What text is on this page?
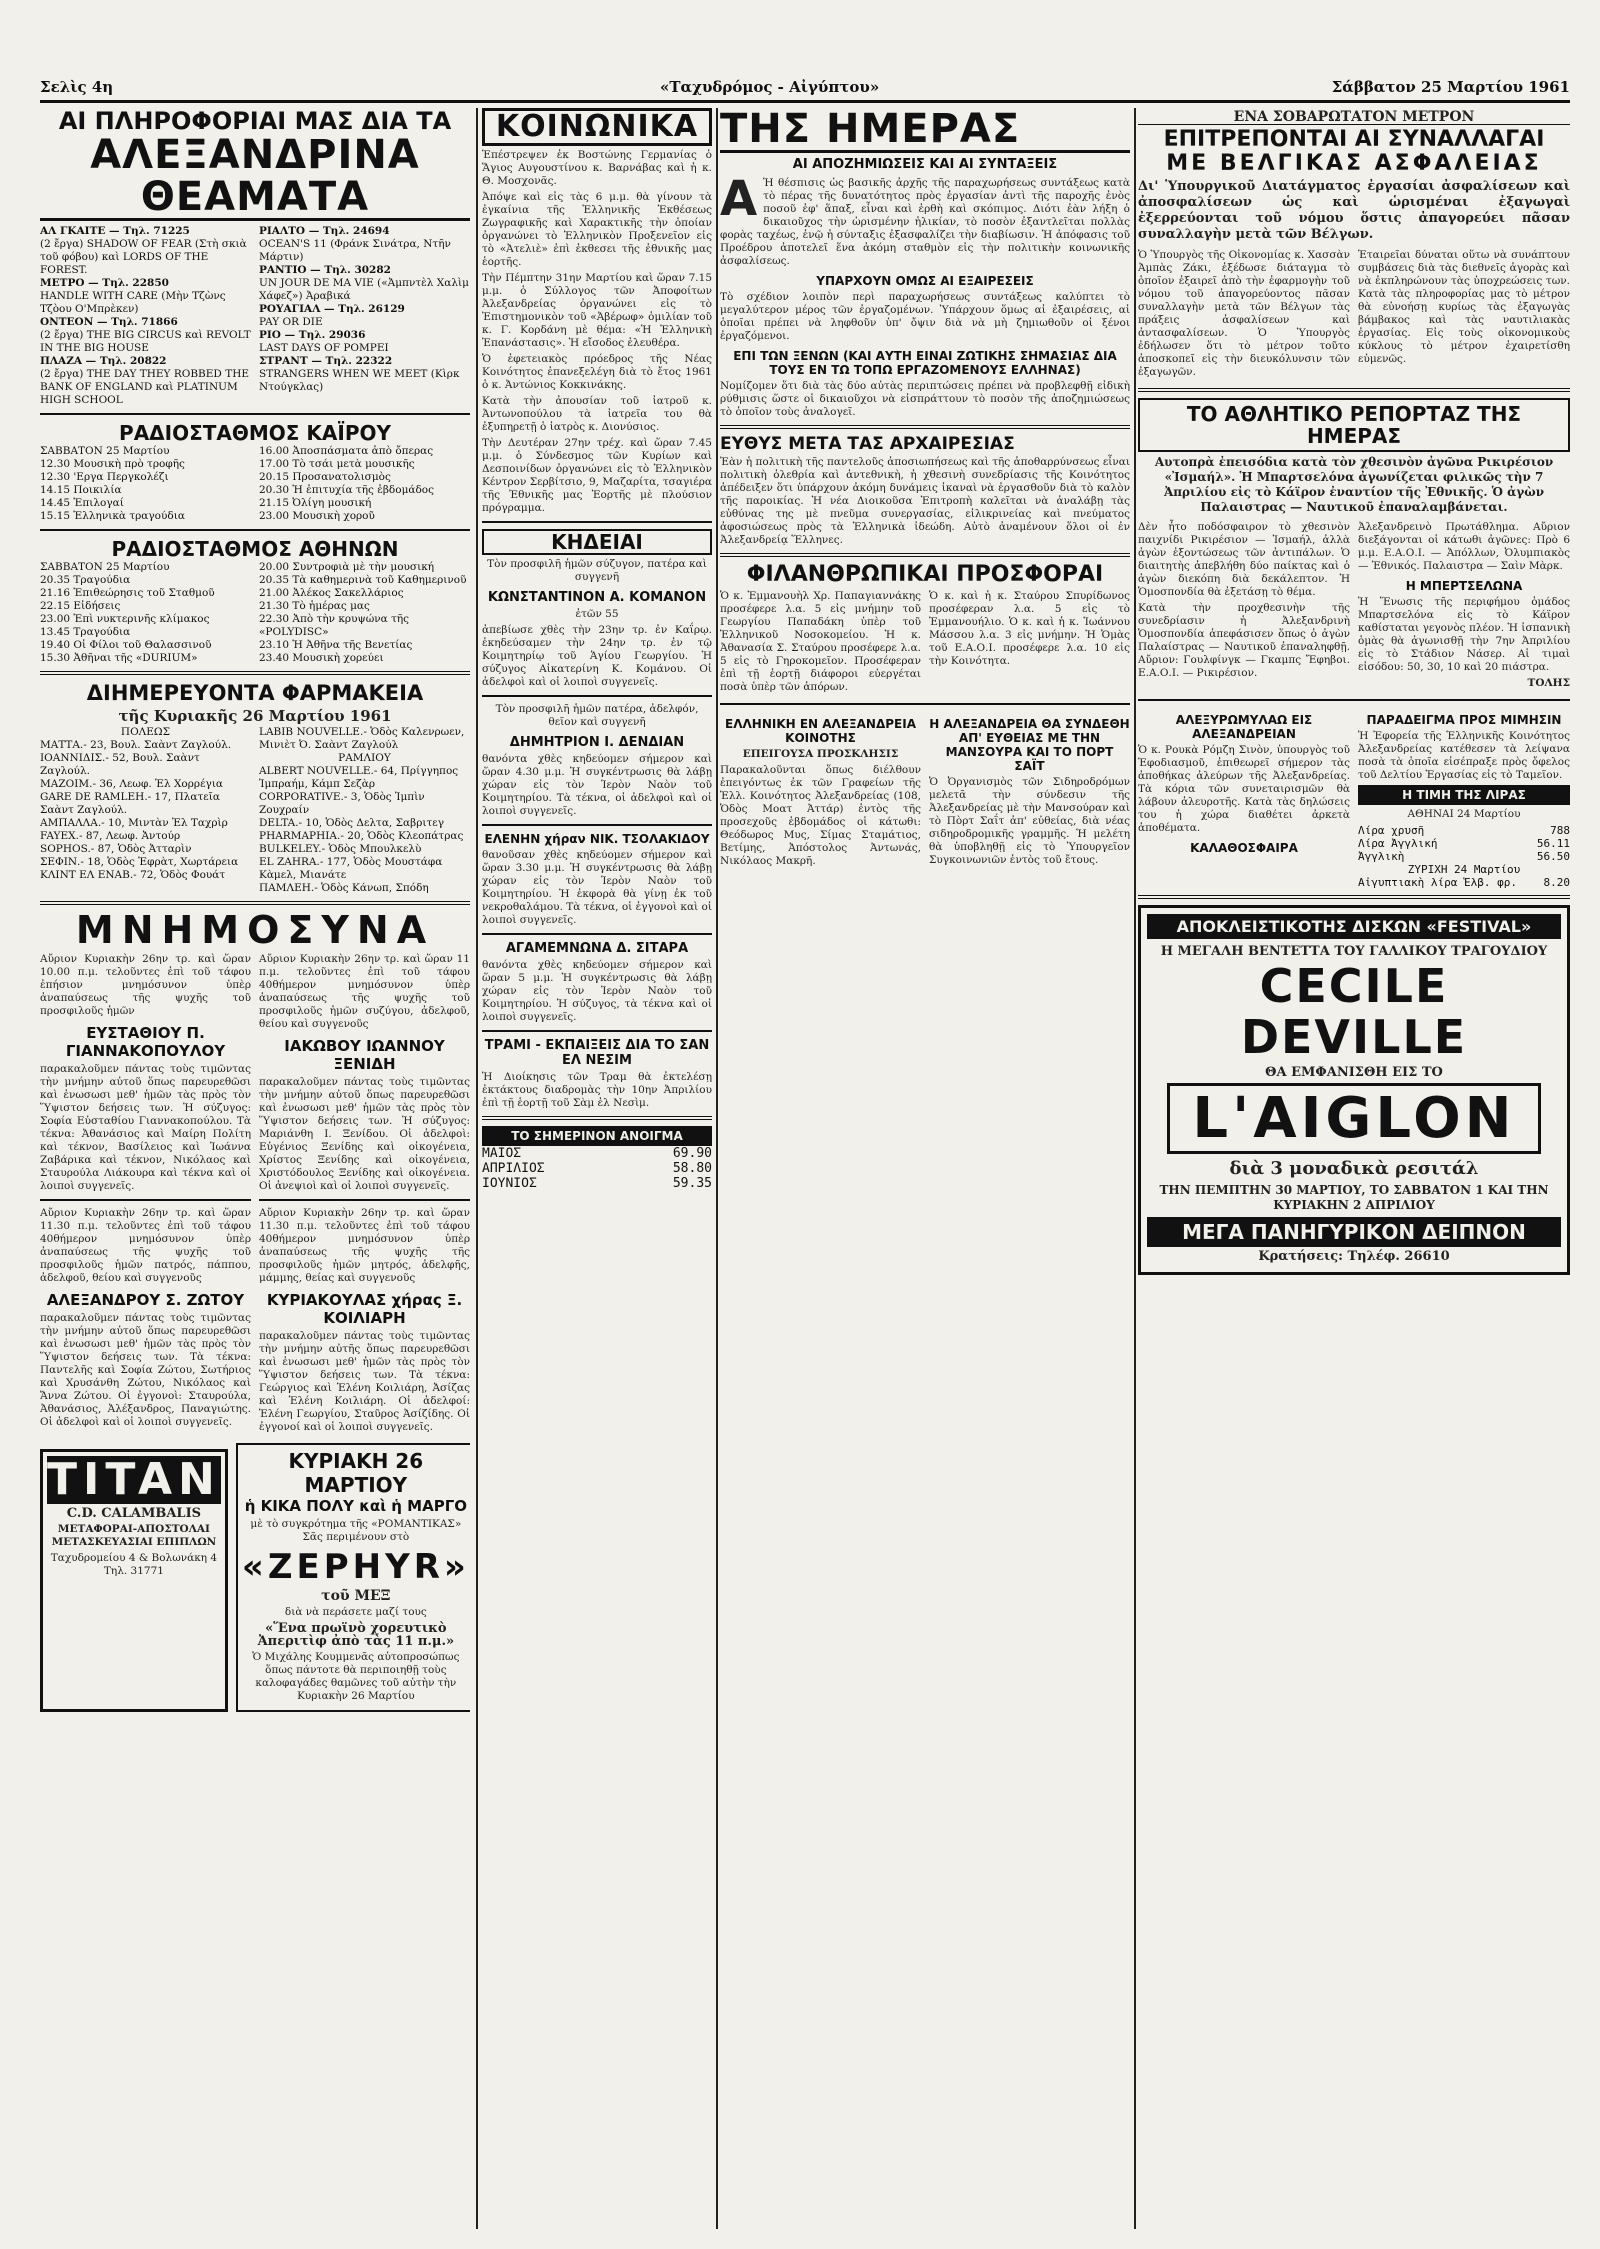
Σελὶς 4η	«Ταχυδρόμος - Αἰγύπτου»	Σάββατον 25 Μαρτίου 1961
ΑΙ ΠΛΗΡΟΦΟΡΙΑΙ ΜΑΣ ΔΙΑ ΤΑ
ΑΛΕΞΑΝΔΡΙΝΑ ΘΕΑΜΑΤΑ
ΑΛ ΓΚΑΙΤΕ — Τηλ. 71225
(2 ἔργα) SHADOW OF FEAR (Στὴ σκιὰ τοῦ φόβου) καὶ LORDS OF THE FOREST.
ΜΕΤΡΟ — Τηλ. 22850
HANDLE WITH CARE (Μὴν Τζὼνς Τζὸου Ο'Μπρὲκεν)
ΟΝΤΕΟΝ — Τηλ. 71866
(2 ἔργα) THE BIG CIRCUS καὶ REVOLT IN THE BIG HOUSE
ΠΛΑΖΑ — Τηλ. 20822
(2 ἔργα) THE DAY THEY ROBBED THE BANK OF ENGLAND καὶ PLATINUM HIGH SCHOOL
ΡΙΑΛΤΟ — Τηλ. 24694
OCEAN'S 11 (Φράνκ Σινάτρα, Ντῆν Μάρτιν)
ΡΑΝΤΙΟ — Τηλ. 30282
UN JOUR DE MA VIE («Ἀμπντὲλ Χαλὶμ Χάφεζ») Ἀραβικά
ΡΟΥΑΓΙΑΛ — Τηλ. 26129
PAY OR DIE
ΡΙΟ — Τηλ. 29036
LAST DAYS OF POMPEI
ΣΤΡΑΝΤ — Τηλ. 22322
STRANGERS WHEN WE MEET (Κὶρκ Ντούγκλας)
ΡΑΔΙΟΣΤΑΘΜΟΣ ΚΑΪΡΟΥ
ΣΑΒΒΑΤΟΝ 25 Μαρτίου
12.30 Μουσικὴ πρὸ τροφῆς
12.30 'Εργα Περγκολέζι
14.15 Ποικιλία
14.45 Ἐπιλογαί
15.15 Ἑλληνικὰ τραγούδια
16.00 Ἀποσπάσματα ἀπὸ ὄπερας
17.00 Τὸ τσάι μετὰ μουσικῆς
20.15 Προσανατολισμὸς
20.30 Ἡ ἐπιτυχία τῆς ἑβδομάδος
21.15 Ὀλίγη μουσική
23.00 Μουσικὴ χοροῦ
ΡΑΔΙΟΣΤΑΘΜΟΣ ΑΘΗΝΩΝ
ΣΑΒΒΑΤΟΝ 25 Μαρτίου
20.35 Τραγούδια
21.16 Ἐπιθεώρησις τοῦ Σταθμοῦ
22.15 Εἰδήσεις
23.00 Ἐπὶ νυκτερινῆς κλίμακος
13.45 Τραγούδια
19.40 Οἱ Φίλοι τοῦ Θαλασσινοῦ
15.30 Ἀθῆναι τῆς «DURIUM»
20.00 Συντροφιὰ μὲ τὴν μουσική
20.35 Τὰ καθημερινὰ τοῦ Καθημερινοῦ
21.00 Ἀλέκος Σακελλάριος
21.30 Τὸ ἡμέρας μας
22.30 Ἀπὸ τὴν κρυψώνα τῆς «POLYDISC»
23.10 Ἡ Ἀθῆνα τῆς Βενετίας
23.40 Μουσικὴ χορεύει
ΔΙΗΜΕΡΕΥΟΝΤΑ ΦΑΡΜΑΚΕΙΑ
τῆς Κυριακῆς 26 Μαρτίου 1961
ΠΟΛΕΩΣ
ΜΑΤΤΑ.- 23, Βουλ. Σαὰντ Ζαγλούλ.
ΙΟΑΝΝΙΔΙΣ.- 52, Βουλ. Σαὰντ Ζαγλούλ.
ΜΑΖΟΙΜ.- 36, Λεωφ. Ἐλ Χορρέγια
GARE DE RAMLEH.- 17, Πλατεῖα Σαὰντ Ζαγλούλ.
ΑΜΠΑΛΛΑ.- 10, Μιντὰν Ἐλ Ταχρὶρ
FAYEX.- 87, Λεωφ. Ἀντούρ
SOPHOS.- 87, Ὁδὸς Ἀτταρὶν
ΣΕΦΙΝ.- 18, Ὁδὸς Ἐφρὰτ, Χωρτάρεια
ΚΛΙΝΤ ΕΛ ΕΝΑΒ.- 72, Ὁδὸς Φουάτ
LABIB NOUVELLE.- Ὁδὸς Καλενρωεν, Μινιὲτ Ὀ. Σαὰντ Ζαγλούλ
ΡΑΜΛΙΟΥ
ALBERT NOUVELLE.- 64, Πρίγγηπος Ἰμπραήμ, Κάμπ Σεζὰρ
CORPORATIVE.- 3, Ὁδὸς Ἰμπὶν Ζουχραίν
DELTA.- 10, Ὁδὸς Δελτα, Σαβριτεγ
PHARMAPHIA.- 20, Ὁδὸς Κλεοπάτρας
BULKELEY.- Ὁδὸς Μπουλκελὺ
EL ZAHRA.- 177, Ὁδὸς Μουστάφα Κὰμελ, Μιανάτε
ΠΑΜΛΕΗ.- Ὁδὸς Κάνωπ, Σπόδη
ΜΝΗΜΟΣΥΝΑ
Αὔριον Κυριακὴν 26ην τρ. καὶ ὥραν 10.00 π.μ. τελοῦντες ἐπὶ τοῦ τάφου ἐπήσιον μνημόσυνον ὑπὲρ ἀναπαύσεως τῆς ψυχῆς τοῦ προσφιλοῦς ἡμῶν
ΕΥΣΤΑΘΙΟΥ Π. ΓΙΑΝΝΑΚΟΠΟΥΛΟΥ
παρακαλοῦμεν πάντας τοὺς τιμῶντας τὴν μνήμην αὐτοῦ ὅπως παρευρεθῶσι καὶ ἐνωσωσι μεθ' ἡμῶν τὰς πρὸς τὸν Ὕψιστον δεήσεις των. Ἡ σύζυγος: Σοφία Εὐσταθίου Γιαννακοπούλου. Τὰ τέκνα: Ἀθανάσιος καὶ Μαίρη Πολίτη καὶ τέκνον, Βασίλειος καὶ Ἰωάννα Ζαβάρικα καὶ τέκνον, Νικόλαος καὶ Σταυρούλα Λιάκουρα καὶ τέκνα καὶ οἱ λοιποὶ συγγενεῖς.
Αὔριον Κυριακὴν 26ην τρ. καὶ ὥραν 11.30 π.μ. τελοῦντες ἐπὶ τοῦ τάφου 40θήμερον μνημόσυνον ὑπὲρ ἀναπαύσεως τῆς ψυχῆς τοῦ προσφιλοῦς ἡμῶν πατρός, πάππου, ἀδελφοῦ, θείου καὶ συγγενοῦς
ΑΛΕΞΑΝΔΡΟΥ Σ. ΖΩΤΟΥ
παρακαλοῦμεν πάντας τοὺς τιμῶντας τὴν μνήμην αὐτοῦ ὅπως παρευρεθῶσι καὶ ἐνωσωσι μεθ' ἡμῶν τὰς πρὸς τὸν Ὕψιστον δεήσεις των. Τὰ τέκνα: Παντελῆς καὶ Σοφία Ζώτου, Σωτήριος καὶ Χρυσάνθη Ζώτου, Νικόλαος καὶ Ἄννα Ζώτου. Οἱ ἐγγονοὶ: Σταυρούλα, Ἀθανάσιος, Ἀλέξανδρος, Παναγιώτης. Οἱ ἀδελφοὶ καὶ οἱ λοιποὶ συγγενεῖς.
Αὔριον Κυριακὴν 26ην τρ. καὶ ὥραν 11 π.μ. τελοῦντες ἐπὶ τοῦ τάφου 40θήμερον μνημόσυνον ὑπὲρ ἀναπαύσεως τῆς ψυχῆς τοῦ προσφιλοῦς ἡμῶν συζύγου, ἀδελφοῦ, θείου καὶ συγγενοῦς
ΙΑΚΩΒΟΥ ΙΩΑΝΝΟΥ ΞΕΝΙΔΗ
παρακαλοῦμεν πάντας τοὺς τιμῶντας τὴν μνήμην αὐτοῦ ὅπως παρευρεθῶσι καὶ ἐνωσωσι μεθ' ἡμῶν τὰς πρὸς τὸν Ὕψιστον δεήσεις των. Ἡ σύζυγος: Μαριάνθη Ι. Ξενίδου. Οἱ ἀδελφοὶ: Εὐγένιος Ξενίδης καὶ οἰκογένεια, Χρίστος Ξενίδης καὶ οἰκογένεια, Χριστόδουλος Ξενίδης καὶ οἰκογένεια. Οἱ ἀνεψιοὶ καὶ οἱ λοιποὶ συγγενεῖς.
Αὔριον Κυριακὴν 26ην τρ. καὶ ὥραν 11.30 π.μ. τελοῦντες ἐπὶ τοῦ τάφου 40θήμερον μνημόσυνον ὑπὲρ ἀναπαύσεως τῆς ψυχῆς τῆς προσφιλοῦς ἡμῶν μητρός, ἀδελφῆς, μάμμης, θείας καὶ συγγενοῦς
ΚΥΡΙΑΚΟΥΛΑΣ χήρας Ξ. ΚΟΙΛΙΑΡΗ
παρακαλοῦμεν πάντας τοὺς τιμῶντας τὴν μνήμην αὐτῆς ὅπως παρευρεθῶσι καὶ ἐνωσωσι μεθ' ἡμῶν τὰς πρὸς τὸν Ὕψιστον δεήσεις των. Τὰ τέκνα: Γεώργιος καὶ Ἑλένη Κοιλιάρη, Ἀσίζας καὶ Ἑλένη Κοιλιάρη. Οἱ ἀδελφοί: Ἑλένη Γεωργίου, Σταῦρος Ἀσίζίδης. Οἱ ἐγγονοί καὶ οἱ λοιποὶ συγγενεῖς.
TITAN
C.D. CALAMBALIS
ΜΕΤΑΦΟΡΑΙ-ΑΠΟΣΤΟΛΑΙ ΜΕΤΑΣΚΕΥΑΣΙΑΙ ΕΠΙΠΛΩΝ
Ταχυδρομείου 4 & Βολωνάκη 4 Τηλ. 31771
ΚΥΡΙΑΚΗ 26 ΜΑΡΤΙΟΥ
ἡ ΚΙΚΑ ΠΟΛΥ καὶ ἡ ΜΑΡΓΟ
μὲ τὸ συγκρότημα τῆς «ΡΟΜΑΝΤΙΚΑΣ» Σᾶς περιμένουν στὸ
«ΖΕΡΗΥR»
τοῦ ΜΕΞ
διὰ νὰ περάσετε μαζί τους
«Ἕνα πρωϊνὸ χορευτικὸ Ἀπεριτὶφ ἀπὸ τὰς 11 π.μ.»
Ὁ Μιχάλης Κουμμενᾶς αὐτοπροσώπως ὅπως πάντοτε θὰ περιποιηθῇ τοὺς καλοφαγάδες θαμῶνες τοῦ αὐτὴν τὴν Κυριακὴν 26 Μαρτίου
ΚΟΙΝΩΝΙΚΑ
Ἐπέστρεψεν ἐκ Βοστώνης Γερμανίας ὁ Ἅγιος Αυγουστίνου κ. Βαρνάβας καὶ ἡ κ. Θ. Μοσχονᾶς.
Ἀπόψε καὶ εἰς τὰς 6 μ.μ. θὰ γίνουν τὰ ἐγκαίνια τῆς Ἑλληνικῆς Ἐκθέσεως Ζωγραφικῆς καὶ Χαρακτικῆς τὴν ὁποίαν ὀργανώνει τὸ Ἑλληνικὸν Προξενεῖον εἰς τὸ «Ἀτελιὲ» ἐπὶ ἐκθεσει τῆς ἐθνικῆς μας ἑορτῆς.
Τὴν Πέμπτην 31ην Μαρτίου καὶ ὥραν 7.15 μ.μ. ὁ Σύλλογος τῶν Ἀποφοίτων Ἀλεξανδρείας ὀργανώνει εἰς τὸ Ἐπιστημονικὸν τοῦ «Ἀβέρωφ» ὁμιλίαν τοῦ κ. Γ. Κορδάνη μὲ θέμα: «Ἡ Ἑλληνικὴ Ἐπανάστασις». Ἡ εἴσοδος ἐλευθέρα.
Ὁ ἐφετειακὸς πρόεδρος τῆς Νέας Κοινότητος ἐπανεξελέγη διὰ τὸ ἔτος 1961 ὁ κ. Ἀντώνιος Κοκκινάκης.
Κατὰ τὴν ἀπουσίαν τοῦ ἰατροῦ κ. Ἀντωνοπούλου τὰ ἰατρεῖα του θὰ ἐξυπηρετῇ ὁ ἰατρὸς κ. Διονύσιος.
Τὴν Δευτέραν 27ην τρέχ. καὶ ὥραν 7.45 μ.μ. ὁ Σύνδεσμος τῶν Κυρίων καὶ Δεσποινίδων ὀργανώνει εἰς τὸ Ἑλληνικὸν Κέντρον Σερβίτσιο, 9, Μαζαρίτα, τσαγιέρα τῆς Ἐθνικῆς μας Ἑορτῆς μὲ πλούσιον πρόγραμμα.
ΚΗΔΕΙΑΙ
Τὸν προσφιλῆ ἡμῶν σύζυγον, πατέρα καὶ συγγενῆ
ΚΩΝΣΤΑΝΤΙΝΟΝ Α. ΚΟΜΑΝΟΝ
ἐτῶν 55
ἀπεβίωσε χθὲς τὴν 23ην τρ. ἐν Καΐρῳ. ἐκηδεύσαμεν τὴν 24ην τρ. ἐν τῷ Κοιμητηρίῳ τοῦ Ἁγίου Γεωργίου. Ἡ σύζυγος Αἰκατερίνη Κ. Κομάνου. Οἱ ἀδελφοὶ καὶ οἱ λοιποὶ συγγενεῖς.
Τὸν προσφιλῆ ἡμῶν πατέρα, ἀδελφόν, θεῖον καὶ συγγενῆ
ΔΗΜΗΤΡΙΟΝ Ι. ΔΕΝΔΙΑΝ
θανόντα χθὲς κηδεύομεν σήμερον καὶ ὥραν 4.30 μ.μ. Ἡ συγκέντρωσις θὰ λάβῃ χώραν εἰς τὸν Ἱερὸν Ναὸν τοῦ Κοιμητηρίου. Τὰ τέκνα, οἱ ἀδελφοὶ καὶ οἱ λοιποὶ συγγενεῖς.
ΕΛΕΝΗΝ χήραν ΝΙΚ. ΤΣΟΛΑΚΙΔΟΥ
θανοῦσαν χθὲς κηδεύομεν σήμερον καὶ ὥραν 3.30 μ.μ. Ἡ συγκέντρωσις θὰ λάβῃ χώραν εἰς τὸν Ἱερὸν Ναὸν τοῦ Κοιμητηρίου. Ἡ ἐκφορὰ θὰ γίνῃ ἐκ τοῦ νεκροθαλάμου. Τὰ τέκνα, οἱ ἐγγονοὶ καὶ οἱ λοιποὶ συγγενεῖς.
ΑΓΑΜΕΜΝΩΝΑ Δ. ΣΙΤΑΡΑ
θανόντα χθὲς κηδεύομεν σήμερον καὶ ὥραν 5 μ.μ. Ἡ συγκέντρωσις θὰ λάβῃ χώραν εἰς τὸν Ἱερὸν Ναὸν τοῦ Κοιμητηρίου. Ἡ σύζυγος, τὰ τέκνα καὶ οἱ λοιποὶ συγγενεῖς.
ΤΡΑΜΙ - ΕΚΠΑΙΞΕΙΣ ΔΙΑ ΤΟ ΣΑΝ ΕΛ ΝΕΣΙΜ
Ἡ Διοίκησις τῶν Τραμ θὰ ἐκτελέσῃ ἐκτάκτους διαδρομὰς τὴν 10ην Ἀπριλίου ἐπὶ τῇ ἑορτῇ τοῦ Σὰμ ἐλ Νεσὶμ.
ΤΟ ΣΗΜΕΡΙΝΟΝ ΑΝΟΙΓΜΑ
ΜΑΪΟΣ	69.90
ΑΠΡΙΛΙΟΣ	58.80
ΙΟΥΝΙΟΣ	59.35
ΤΗΣ ΗΜΕΡΑΣ
ΑΙ ΑΠΟΖΗΜΙΩΣΕΙΣ ΚΑΙ ΑΙ ΣΥΝΤΑΞΕΙΣ
Α Ἡ θέσπισις ὡς βασικῆς ἀρχῆς τῆς παραχωρήσεως συντάξεως κατὰ τὸ πέρας τῆς δυνατότητος πρὸς ἐργασίαν ἀντὶ τῆς παροχῆς ἐνὸς ποσοῦ ἐφ' ἅπαξ, εἶναι καὶ ἐρθὴ καὶ σκόπιμος. Διότι ἐὰν λήξη ὁ δικαιοῦχος τὴν ὡρισμένην ἡλικίαν, τὸ ποσὸν ἐξαντλεῖται πολλὰς φορὰς ταχέως, ἐνῷ ἡ σύνταξις ἐξασφαλίζει τὴν διαβίωσιν. Ἡ ἀπόφασις τοῦ Προέδρου ἀποτελεῖ ἕνα ἀκόμη σταθμὸν εἰς τὴν πολιτικὴν κοινωνικῆς ἀσφαλίσεως.
ΥΠΑΡΧΟΥΝ ΟΜΩΣ ΑΙ ΕΞΑΙΡΕΣΕΙΣ
Τὸ σχέδιον λοιπὸν περὶ παραχωρήσεως συντάξεως καλύπτει τὸ μεγαλύτερον μέρος τῶν ἐργαζομένων. Ὑπάρχουν ὅμως αἱ ἐξαιρέσεις, αἱ ὁποῖαι πρέπει νὰ ληφθοῦν ὑπ' ὄψιν διὰ νὰ μὴ ζημιωθοῦν οἱ ξένοι ἐργαζόμενοι.
ΕΠΙ ΤΩΝ ΞΕΝΩΝ (ΚΑΙ ΑΥΤΗ ΕΙΝΑΙ ΖΩΤΙΚΗΣ ΣΗΜΑΣΙΑΣ ΔΙΑ ΤΟΥΣ ΕΝ ΤΩ ΤΟΠΩ ΕΡΓΑΖΟΜΕΝΟΥΣ ΕΛΛΗΝΑΣ)
Νομίζομεν ὅτι διὰ τὰς δύο αὐτὰς περιπτώσεις πρέπει νὰ προβλεφθῇ εἰδικὴ ρύθμισις ὥστε οἱ δικαιοῦχοι νὰ εἰσπράττουν τὸ ποσὸν τῆς ἀποζημιώσεως τὸ ὁποῖον τοὺς ἀναλογεῖ.
ΕΥΘΥΣ ΜΕΤΑ ΤΑΣ ΑΡΧΑΙΡΕΣΙΑΣ
Ἐὰν ἡ πολιτικὴ τῆς παντελοῦς ἀποσιωπήσεως καὶ τῆς ἀποθαρρύνσεως εἶναι πολιτικὴ ὀλεθρία καὶ ἀντεθνικὴ, ἡ χθεσινὴ συνεδρίασις τῆς Κοινότητος ἀπέδειξεν ὅτι ὑπάρχουν ἀκόμη δυνάμεις ἱκαναὶ νὰ ἐργασθοῦν διὰ τὸ καλὸν τῆς παροικίας. Ἡ νέα Διοικοῦσα Ἐπιτροπὴ καλεῖται νὰ ἀναλάβῃ τὰς εὐθύνας της μὲ πνεῦμα συνεργασίας, εἰλικρινείας καὶ πνεύματος ἀφοσιώσεως πρὸς τὰ Ἑλληνικὰ ἰδεώδη. Αὐτὸ ἀναμένουν ὅλοι οἱ ἐν Ἀλεξανδρείᾳ Ἕλληνες.
ΦΙΛΑΝΘΡΩΠΙΚΑΙ ΠΡΟΣΦΟΡΑΙ
Ὁ κ. Ἐμμανουὴλ Χρ. Παπαγιαννάκης προσέφερε λ.α. 5 εἰς μνήμην τοῦ Γεωργίου Παπαδάκη ὑπὲρ τοῦ Ἑλληνικοῦ Νοσοκομείου. Ἡ κ. Ἀθανασία Σ. Σταύρου προσέφερε λ.α. 5 εἰς τὸ Γηροκομεῖον. Προσέφεραν ἐπὶ τῇ ἑορτῇ διάφοροι εὐεργέται ποσὰ ὑπὲρ τῶν ἀπόρων.
Ὁ κ. καὶ ἡ κ. Σταύρου Σπυρίδωνος προσέφεραν λ.α. 5 εἰς τὸ Ἐμμανουήλιο. Ὁ κ. καὶ ἡ κ. Ἰωάννου Μάσσου λ.α. 3 εἰς μνήμην. Ἡ Ὁμὰς τοῦ Ε.Α.Ο.Ι. προσέφερε λ.α. 10 εἰς τὴν Κοινότητα.
ΕΛΛΗΝΙΚΗ ΕΝ ΑΛΕΞΑΝΔΡΕΙΑ ΚΟΙΝΟΤΗΣ
ΕΠΕΙΓΟΥΣΑ ΠΡΟΣΚΛΗΣΙΣ
Παρακαλοῦνται ὅπως διέλθουν ἐπειγόντως ἐκ τῶν Γραφείων τῆς Ἑλλ. Κοινότητος Ἀλεξανδρείας (108, Ὁδὸς Μοατ Ἀττάρ) ἐντὸς τῆς προσεχοῦς ἑβδομάδος οἱ κάτωθι: Θεόδωρος Μυς, Σίμας Σταμάτιος, Βετίμης, Ἀπόστολος Ἀντωνάς, Νικόλαος Μακρῆ.
Η ΑΛΕΞΑΝΔΡΕΙΑ ΘΑ ΣΥΝΔΕΘΗ ΑΠ' ΕΥΘΕΙΑΣ ΜΕ ΤΗΝ ΜΑΝΣΟΥΡΑ ΚΑΙ ΤΟ ΠΟΡΤ ΣΑΪΤ
Ὁ Ὀργανισμὸς τῶν Σιδηροδρόμων μελετᾶ τὴν σύνδεσιν τῆς Ἀλεξανδρείας μὲ τὴν Μανσούραν καὶ τὸ Πὸρτ Σαΐτ ἀπ' εὐθείας, διὰ νέας σιδηροδρομικῆς γραμμῆς. Ἡ μελέτη θὰ ὑποβληθῇ εἰς τὸ Ὑπουργεῖον Συγκοινωνιῶν ἐντὸς τοῦ ἔτους.
ΕΝΑ ΣΟΒΑΡΩΤΑΤΟΝ ΜΕΤΡΟΝ
ΕΠΙΤΡΕΠΟΝΤΑΙ ΑΙ ΣΥΝΑΛΛΑΓΑΙ
ΜΕ ΒΕΛΓΙΚΑΣ ΑΣΦΑΛΕΙΑΣ
Δι' Ὑπουργικοῦ Διατάγματος ἐργασίαι ἀσφαλίσεων καὶ ἀποσφαλίσεων ὡς καὶ ὡρισμέναι ἐξαγωγαὶ ἐξερρεύονται τοῦ νόμου ὅστις ἀπαγορεύει πᾶσαν συναλλαγὴν μετὰ τῶν Βέλγων.
Ὁ Ὑπουργὸς τῆς Οἰκονομίας κ. Χασσὰν Ἀμπὰς Ζάκι, ἐξέδωσε διάταγμα τὸ ὁποῖον ἐξαιρεῖ ἀπὸ τὴν ἐφαρμογὴν τοῦ νόμου τοῦ ἀπαγορεύοντος πᾶσαν συναλλαγὴν μετὰ τῶν Βέλγων τὰς πράξεις ἀσφαλίσεων καὶ ἀντασφαλίσεων. Ὁ Ὑπουργὸς ἐδήλωσεν ὅτι τὸ μέτρον τοῦτο ἀποσκοπεῖ εἰς τὴν διευκόλυνσιν τῶν ἐξαγωγῶν.
Ἑταιρεῖαι δύναται οὕτω νὰ συνάπτουν συμβάσεις διὰ τὰς διεθνεῖς ἀγορὰς καὶ νὰ ἐκπληρώνουν τὰς ὑποχρεώσεις των. Κατὰ τὰς πληροφορίας μας τὸ μέτρον θὰ εὐνοήσῃ κυρίως τὰς ἐξαγωγὰς βάμβακος καὶ τὰς ναυτιλιακὰς ἐργασίας. Εἰς τοὺς οἰκονομικοὺς κύκλους τὸ μέτρον ἐχαιρετίσθη εὐμενῶς.
ΤΟ ΑΘΛΗΤΙΚΟ ΡΕΠΟΡΤΑΖ ΤΗΣ ΗΜΕΡΑΣ
Αυτοπρὰ ἐπεισόδια κατὰ τὸν χθεσινὸν ἀγῶνα Ρικιρέσιον «Ἰσμαήλ». Ἡ Μπαρτσελόνα ἀγωνίζεται φιλικῶς τὴν 7 Ἀπριλίου εἰς τὸ Κάϊρον ἐναντίον τῆς Ἐθνικῆς. Ὁ ἀγὼν Παλαιστρας — Ναυτικοῦ ἐπαναλαμβάνεται.
Δὲν ἦτο ποδόσφαιρον τὸ χθεσινὸν παιχνίδι Ρικιρέσιον — Ἰσμαήλ, ἀλλὰ ἀγὼν ἐξοντώσεως τῶν ἀντιπάλων. Ὁ διαιτητὴς ἀπεβλήθη δύο παίκτας καὶ ὁ ἀγὼν διεκόπη διὰ δεκάλεπτον. Ἡ Ὁμοσπονδία θὰ ἐξετάσῃ τὸ θέμα.
Κατὰ τὴν προχθεσινὴν τῆς συνεδρίασιν ἡ Ἀλεξανδρινὴ Ὁμοσπονδία ἀπεφάσισεν ὅπως ὁ ἀγὼν Παλαίστρας — Ναυτικοῦ ἐπαναληφθῇ. Αὔριον: Γουλφίνγκ — Γκαμπς Ἔφηβοι. Ε.Α.Ο.Ι. — Ρικιρέσιον.
Ἀλεξανδρεινὸ Πρωτάθλημα. Αὔριον διεξάγονται οἱ κάτωθι ἀγῶνες: Πρὸ 6 μ.μ. Ε.Α.Ο.Ι. — Ἀπόλλων, Ὀλυμπιακὸς — Ἐθνικός. Παλαιστρα — Σαὶν Μὰρκ.
Η ΜΠΕΡΤΣΕΛΩΝΑ
Ἡ Ἕνωσις τῆς περιφήμου ὁμάδος Μπαρτσελόνα εἰς τὸ Κάϊρον καθίσταται γεγονὸς πλέον. Ἡ ἰσπανικὴ ὁμὰς θὰ ἀγωνισθῇ τὴν 7ην Ἀπριλίου εἰς τὸ Στάδιον Νάσερ. Αἱ τιμαὶ εἰσόδου: 50, 30, 10 καὶ 20 πιάστρα.
ΤΟΛΗΣ
ΑΛΕΞΥΡΩΜΥΛΑΩ ΕΙΣ ΑΛΕΞΑΝΔΡΕΙΑΝ
Ὁ κ. Ρουκὰ Ρόμζη Σινὸν, ὑπουργὸς τοῦ Ἐφοδιασμοῦ, ἐπιθεωρεῖ σήμερον τὰς ἀποθήκας ἀλεύρων τῆς Ἀλεξανδρείας. Τὰ κόρια τῶν συνεταιρισμῶν θὰ λάβουν ἀλευροτῆς. Κατὰ τὰς δηλώσεις του ἡ χώρα διαθέτει ἀρκετὰ ἀποθέματα.
ΚΑΛΑΘΟΣΦΑΙΡΑ
ΠΑΡΑΔΕΙΓΜΑ ΠΡΟΣ ΜΙΜΗΣΙΝ
Ἡ Ἐφορεία τῆς Ἑλληνικῆς Κοινότητος Ἀλεξανδρείας κατέθεσεν τὰ λείψανα ποσὰ τὰ ὁποῖα εἰσέπραξε πρὸς ὄφελος τοῦ Δελτίου Ἐργασίας εἰς τὸ Ταμεῖον.
Η ΤΙΜΗ ΤΗΣ ΛΙΡΑΣ
ΑΘΗΝΑΙ 24 Μαρτίου
Λίρα χρυσῆ	788
Λίρα Ἀγγλική	56.11
Ἀγγλικὴ	56.50
ΖΥΡΙΧΗ 24 Μαρτίου
Αἰγυπτιακὴ λίρα Ἑλβ. φρ. 8.20
ΑΠΟΚΛΕΙΣΤΙΚΟΤΗΣ ΔΙΣΚΩΝ «FESTIVAL»
Η ΜΕΓΑΛΗ ΒΕΝΤΕΤΤΑ ΤΟΥ ΓΑΛΛΙΚΟΥ ΤΡΑΓΟΥΔΙΟΥ
CECILE DEVILLE
ΘΑ ΕΜΦΑΝΙΣΘΗ ΕΙΣ ΤΟ
L'AIGLON
διὰ 3 μοναδικὰ ρεσιτάλ
ΤΗΝ ΠΕΜΠΤΗΝ 30 ΜΑΡΤΙΟΥ, ΤΟ ΣΑΒΒΑΤΟΝ 1 ΚΑΙ ΤΗΝ ΚΥΡΙΑΚΗΝ 2 ΑΠΡΙΛΙΟΥ
ΜΕΓΑ ΠΑΝΗΓΥΡΙΚΟΝ ΔΕΙΠΝΟΝ
Κρατήσεις: Τηλέφ. 26610
